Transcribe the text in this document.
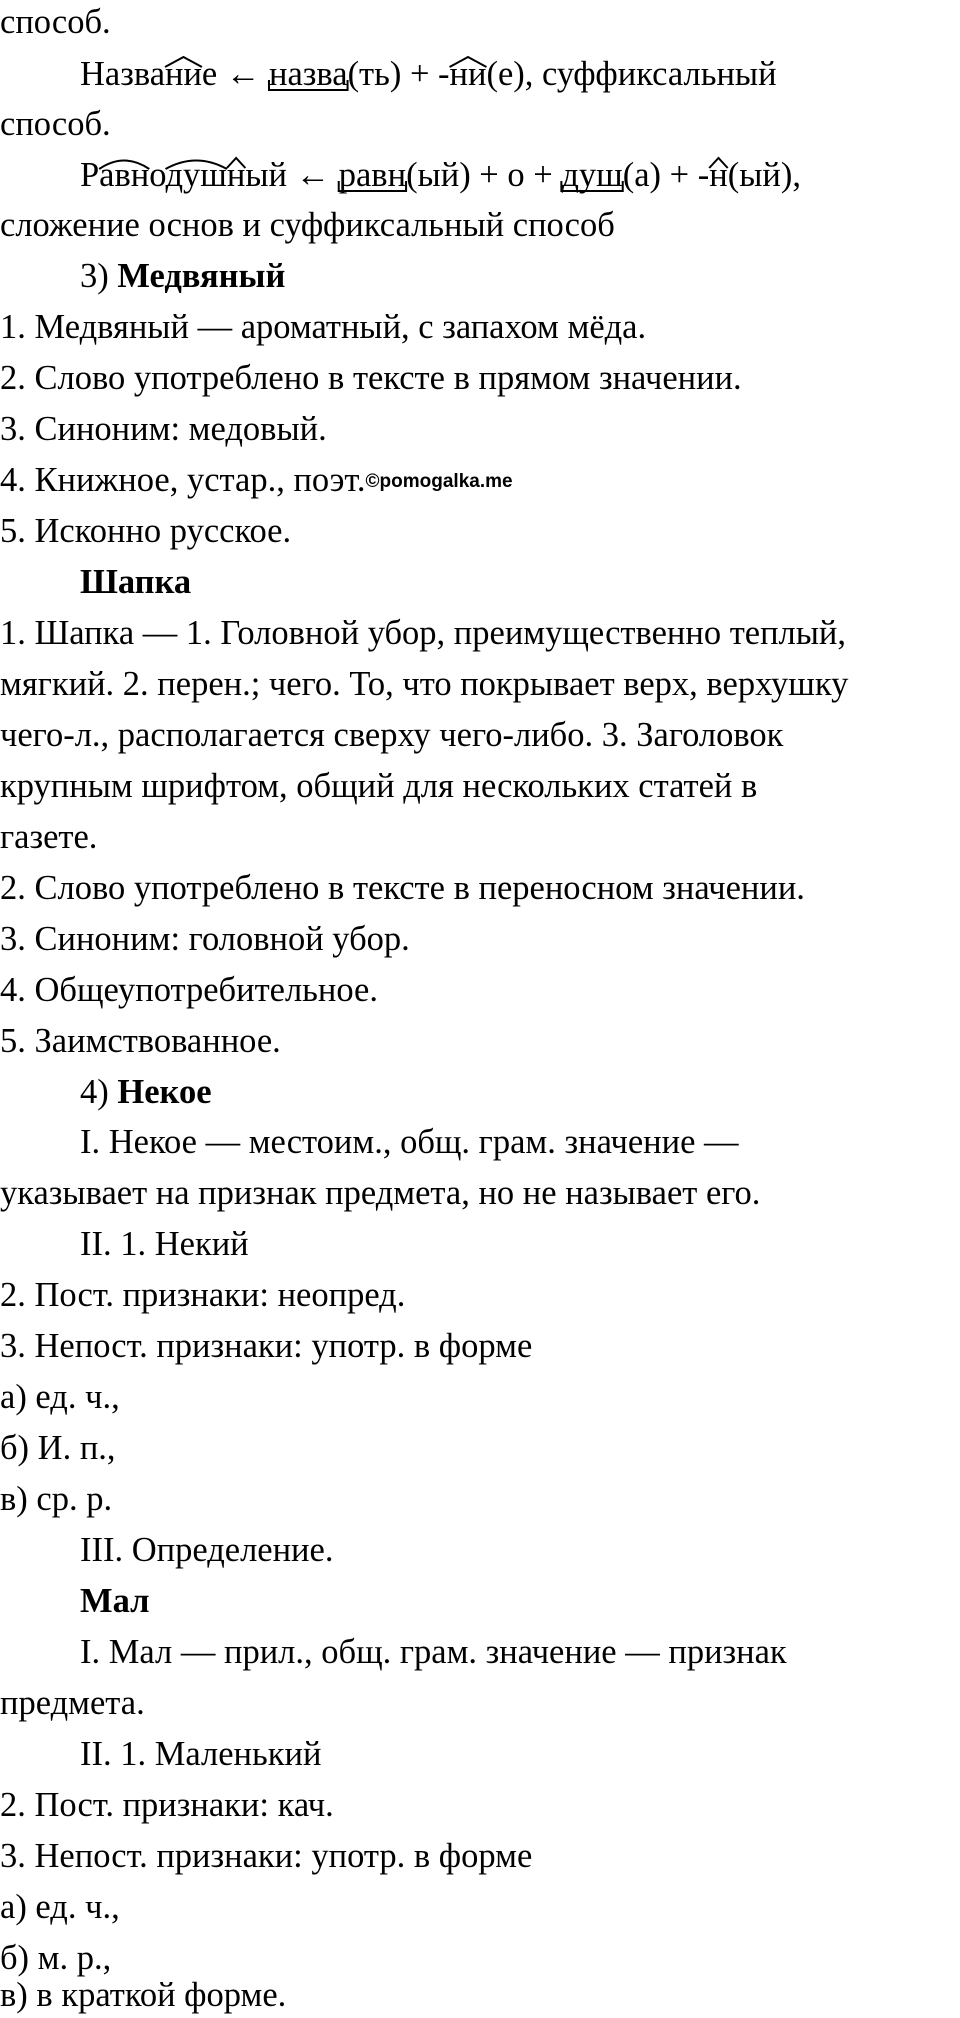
способ.
Название ← назва(ть) + -ни(е), суффиксальный
способ.
Равнодушный ← равн(ый) + о + душ(а) + -н(ый),
сложение основ и суффиксальный способ
3) Медвяный
1. Медвяный — ароматный, с запахом мёда.
2. Слово употреблено в тексте в прямом значении.
3. Синоним: медовый.
4. Книжное, устар., поэт.©pomogalka.me
5. Исконно русское.
Шапка
1. Шапка — 1. Головной убор, преимущественно теплый,
мягкий. 2. перен.; чего. То, что покрывает верх, верхушку
чего-л., располагается сверху чего-либо. 3. Заголовок
крупным шрифтом, общий для нескольких статей в
газете.
2. Слово употреблено в тексте в переносном значении.
3. Синоним: головной убор.
4. Общеупотребительное.
5. Заимствованное.
4) Некое
I. Некое — местоим., общ. грам. значение —
указывает на признак предмета, но не называет его.
II. 1. Некий
2. Пост. признаки: неопред.
3. Непост. признаки: употр. в форме
а) ед. ч.,
б) И. п.,
в) ср. р.
III. Определение.
Мал
I. Мал — прил., общ. грам. значение — признак
предмета.
II. 1. Маленький
2. Пост. признаки: кач.
3. Непост. признаки: употр. в форме
а) ед. ч.,
б) м. р.,
в) в краткой форме.
